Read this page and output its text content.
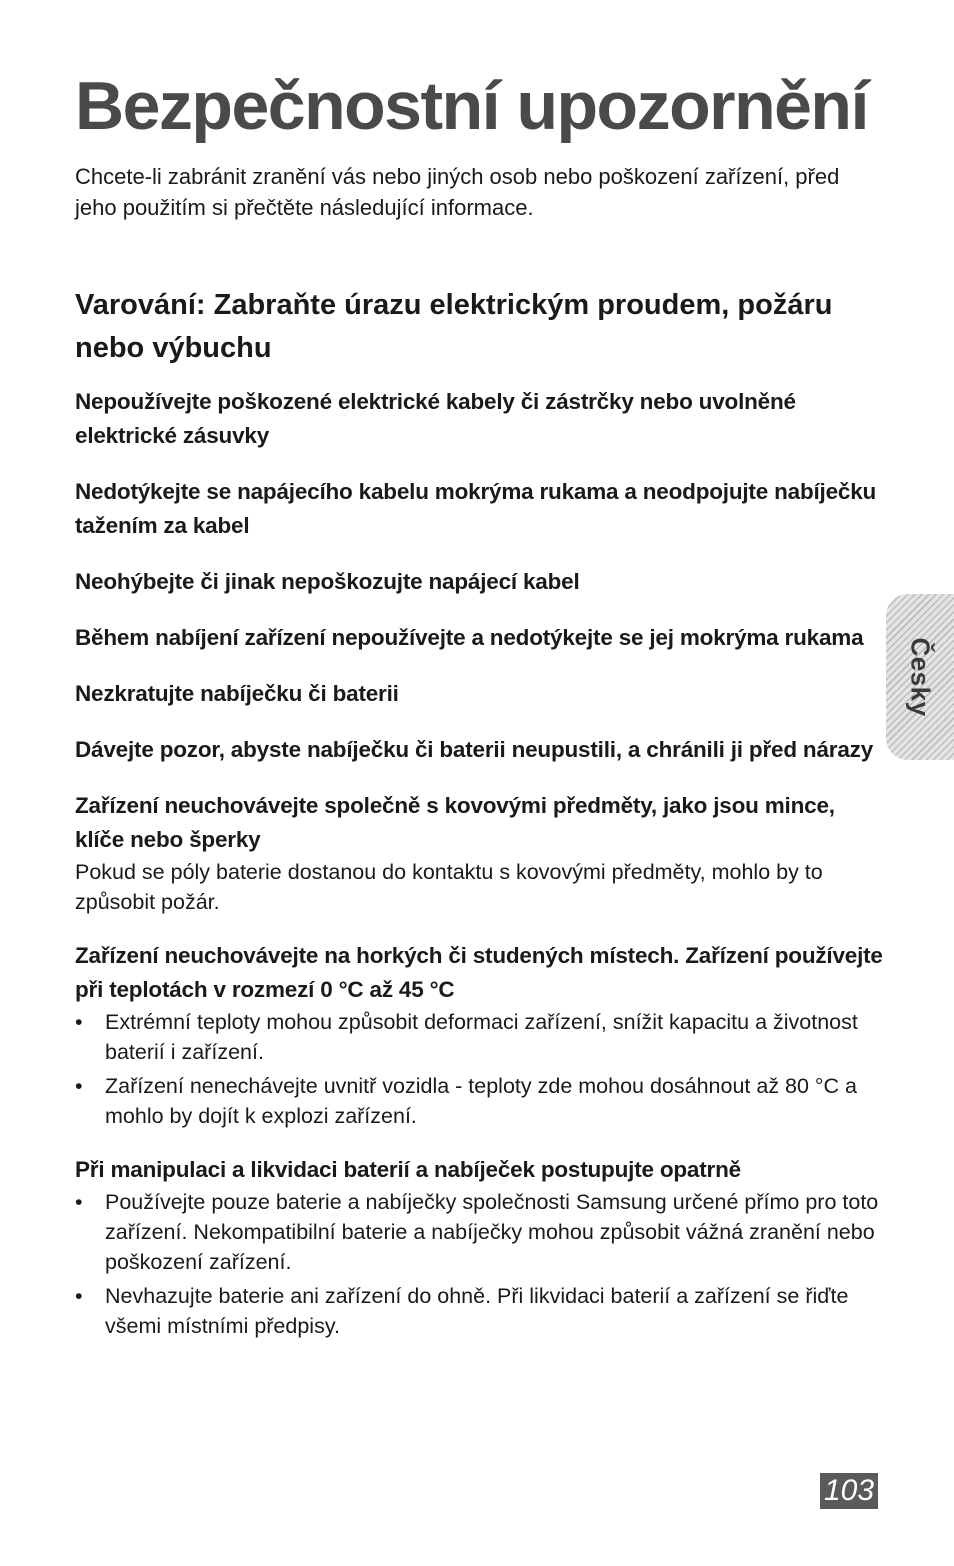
Bezpečnostní upozornění

Chcete-li zabránit zranění vás nebo jiných osob nebo poškození zařízení, před jeho použitím si přečtěte následující informace.

Varování: Zabraňte úrazu elektrickým proudem, požáru nebo výbuchu

Nepoužívejte poškozené elektrické kabely či zástrčky nebo uvolněné elektrické zásuvky

Nedotýkejte se napájecího kabelu mokrýma rukama a neodpojujte nabíječku tažením za kabel

Neohýbejte či jinak nepoškozujte napájecí kabel

Během nabíjení zařízení nepoužívejte a nedotýkejte se jej mokrýma rukama

Nezkratujte nabíječku či baterii

Dávejte pozor, abyste nabíječku či baterii neupustili, a chránili ji před nárazy

Zařízení neuchovávejte společně s kovovými předměty, jako jsou mince, klíče nebo šperky

Pokud se póly baterie dostanou do kontaktu s kovovými předměty, mohlo by to způsobit požár.

Zařízení neuchovávejte na horkých či studených místech. Zařízení používejte při teplotách v rozmezí 0 °C až 45 °C

• Extrémní teploty mohou způsobit deformaci zařízení, snížit kapacitu a životnost baterií i zařízení.
• Zařízení nenechávejte uvnitř vozidla - teploty zde mohou dosáhnout až 80 °C a mohlo by dojít k explozi zařízení.

Při manipulaci a likvidaci baterií a nabíječek postupujte opatrně

• Používejte pouze baterie a nabíječky společnosti Samsung určené přímo pro toto zařízení. Nekompatibilní baterie a nabíječky mohou způsobit vážná zranění nebo poškození zařízení.
• Nevhazujte baterie ani zařízení do ohně. Při likvidaci baterií a zařízení se řiďte všemi místními předpisy.
Česky
103
